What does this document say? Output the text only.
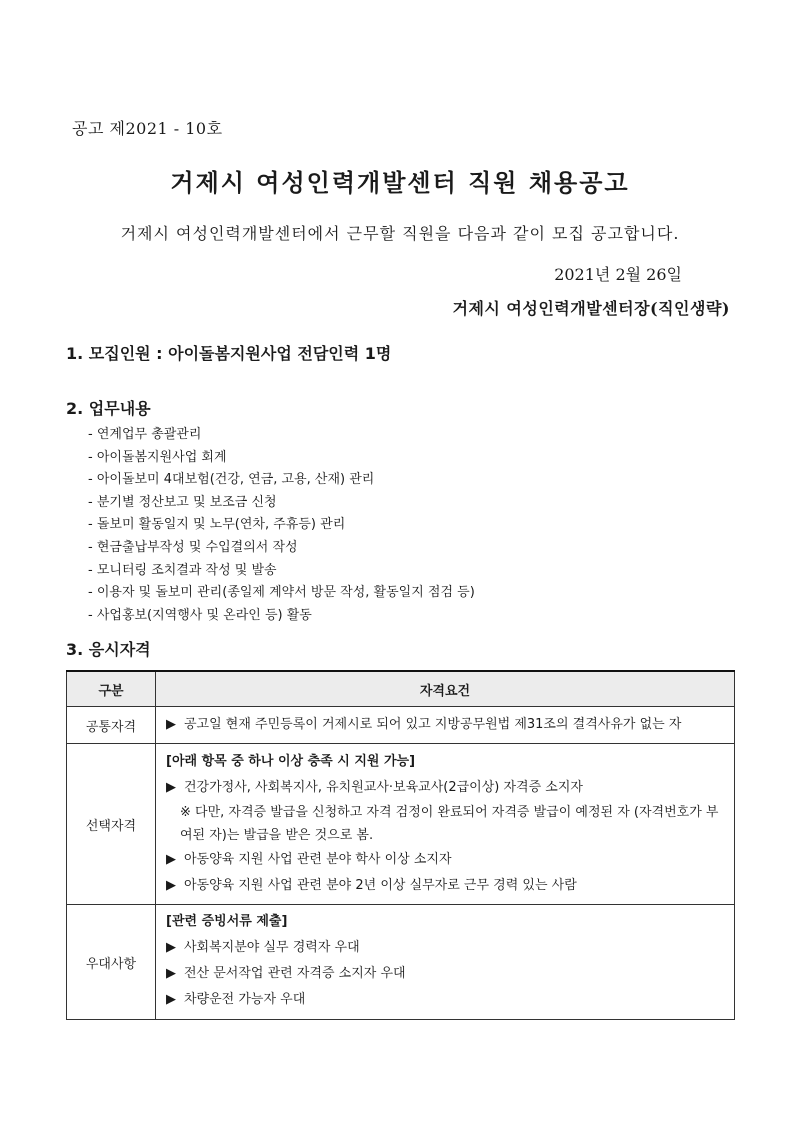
공고 제2021 - 10호
거제시 여성인력개발센터 직원 채용공고
거제시 여성인력개발센터에서 근무할 직원을 다음과 같이 모집 공고합니다.
2021년 2월 26일
거제시 여성인력개발센터장(직인생략)
1. 모집인원 : 아이돌봄지원사업 전담인력 1명
2. 업무내용
- 연계업무 총괄관리
- 아이돌봄지원사업 회계
- 아이돌보미 4대보험(건강, 연금, 고용, 산재) 관리
- 분기별 정산보고 및 보조금 신청
- 돌보미 활동일지 및 노무(연차, 주휴등) 관리
- 현금출납부작성 및 수입결의서 작성
- 모니터링 조치결과 작성 및 발송
- 이용자 및 돌보미 관리(종일제 계약서 방문 작성, 활동일지 점검 등)
- 사업홍보(지역행사 및 온라인 등) 활동
3. 응시자격
구분	자격요건
공통자격	▶ 공고일 현재 주민등록이 거제시로 되어 있고 지방공무원법 제31조의 결격사유가 없는 자

선택자격	[아래 항목 중 하나 이상 충족 시 지원 가능]
▶ 건강가정사, 사회복지사, 유치원교사·보육교사(2급이상) 자격증 소지자
※ 다만, 자격증 발급을 신청하고 자격 검정이 완료되어 자격증 발급이 예정된 자 (자격번호가 부여된 자)는 발급을 받은 것으로 봄.
▶ 아동양육 지원 사업 관련 분야 학사 이상 소지자
▶ 아동양육 지원 사업 관련 분야 2년 이상 실무자로 근무 경력 있는 사람

우대사항	[관련 증빙서류 제출]
▶ 사회복지분야 실무 경력자 우대
▶ 전산 문서작업 관련 자격증 소지자 우대
▶ 차량운전 가능자 우대
